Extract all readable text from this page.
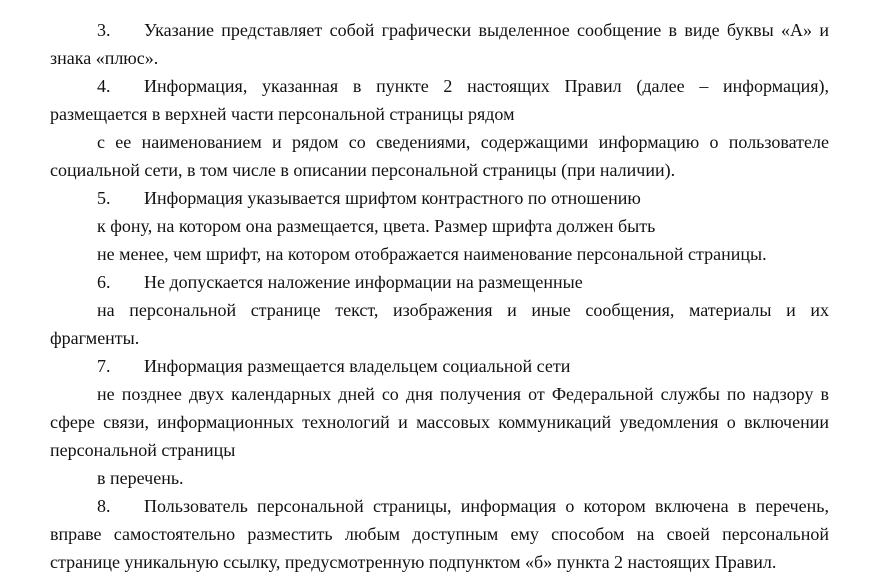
3.	Указание представляет собой графически выделенное сообщение в виде буквы «А» и
знака «плюс».
4.	Информация, указанная в пункте 2 настоящих Правил (далее – информация),
размещается в верхней части персональной страницы рядом
с ее наименованием и рядом со сведениями, содержащими информацию о пользователе
социальной сети, в том числе в описании персональной страницы (при наличии).
5.	Информация указывается шрифтом контрастного по отношению
к фону, на котором она размещается, цвета. Размер шрифта должен быть
не менее, чем шрифт, на котором отображается наименование персональной страницы.
6.	Не допускается наложение информации на размещенные
на персональной странице текст, изображения и иные сообщения, материалы и их
фрагменты.
7.	Информация размещается владельцем социальной сети
не позднее двух календарных дней со дня получения от Федеральной службы по надзору в
сфере связи, информационных технологий и массовых коммуникаций уведомления о включении
персональной страницы
в перечень.
8.	Пользователь персональной страницы, информация о котором включена в перечень,
вправе самостоятельно разместить любым доступным ему способом на своей персональной
странице уникальную ссылку, предусмотренную подпунктом «б» пункта 2 настоящих Правил.
